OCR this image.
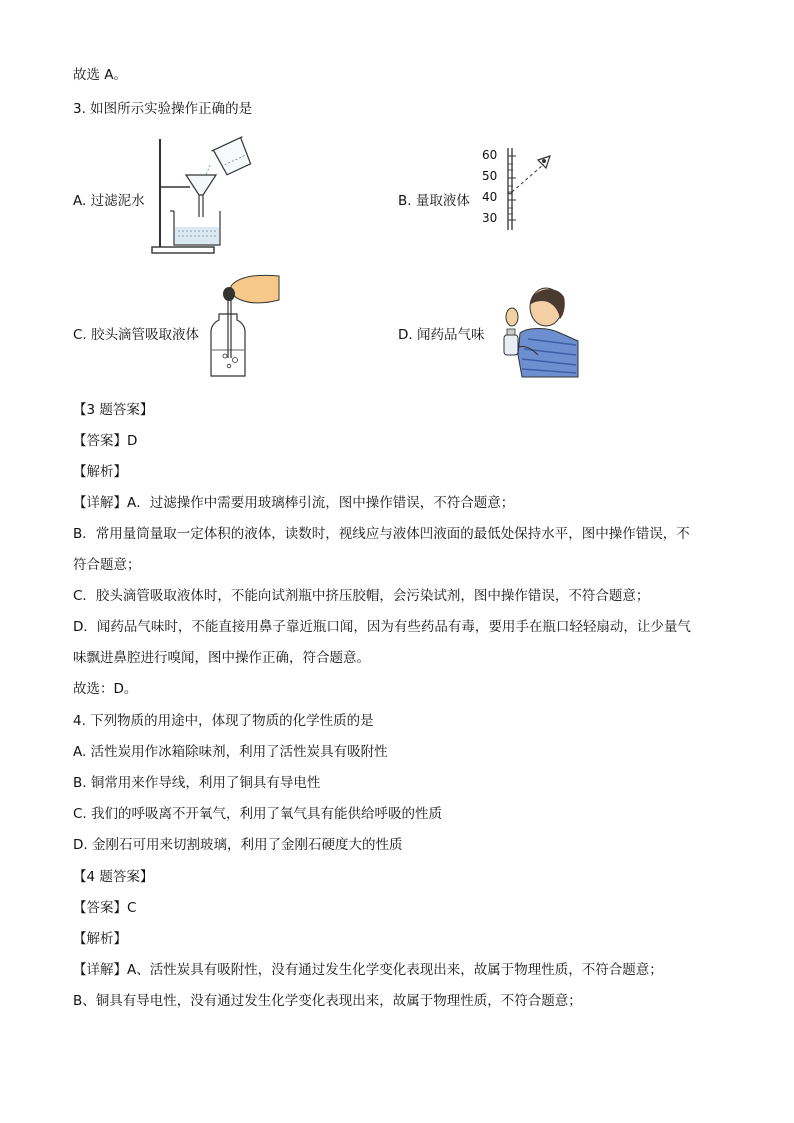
故选 A。
3. 如图所示实验操作正确的是
A. 过滤泥水	B. 量取液体
60
50
40
30
C. 胶头滴管吸取液体	D. 闻药品气味
【3 题答案】
【答案】D
【解析】
【详解】A．过滤操作中需要用玻璃棒引流，图中操作错误，不符合题意；
B．常用量筒量取一定体积的液体，读数时，视线应与液体凹液面的最低处保持水平，图中操作错误，不
符合题意；
C．胶头滴管吸取液体时，不能向试剂瓶中挤压胶帽，会污染试剂，图中操作错误，不符合题意；
D．闻药品气味时，不能直接用鼻子靠近瓶口闻，因为有些药品有毒，要用手在瓶口轻轻扇动，让少量气
味飘进鼻腔进行嗅闻，图中操作正确，符合题意。
故选：D。
4. 下列物质的用途中，体现了物质的化学性质的是
A. 活性炭用作冰箱除味剂，利用了活性炭具有吸附性
B. 铜常用来作导线，利用了铜具有导电性
C. 我们的呼吸离不开氧气，利用了氧气具有能供给呼吸的性质
D. 金刚石可用来切割玻璃，利用了金刚石硬度大的性质
【4 题答案】
【答案】C
【解析】
【详解】A、活性炭具有吸附性，没有通过发生化学变化表现出来，故属于物理性质，不符合题意；
B、铜具有导电性，没有通过发生化学变化表现出来，故属于物理性质，不符合题意；
